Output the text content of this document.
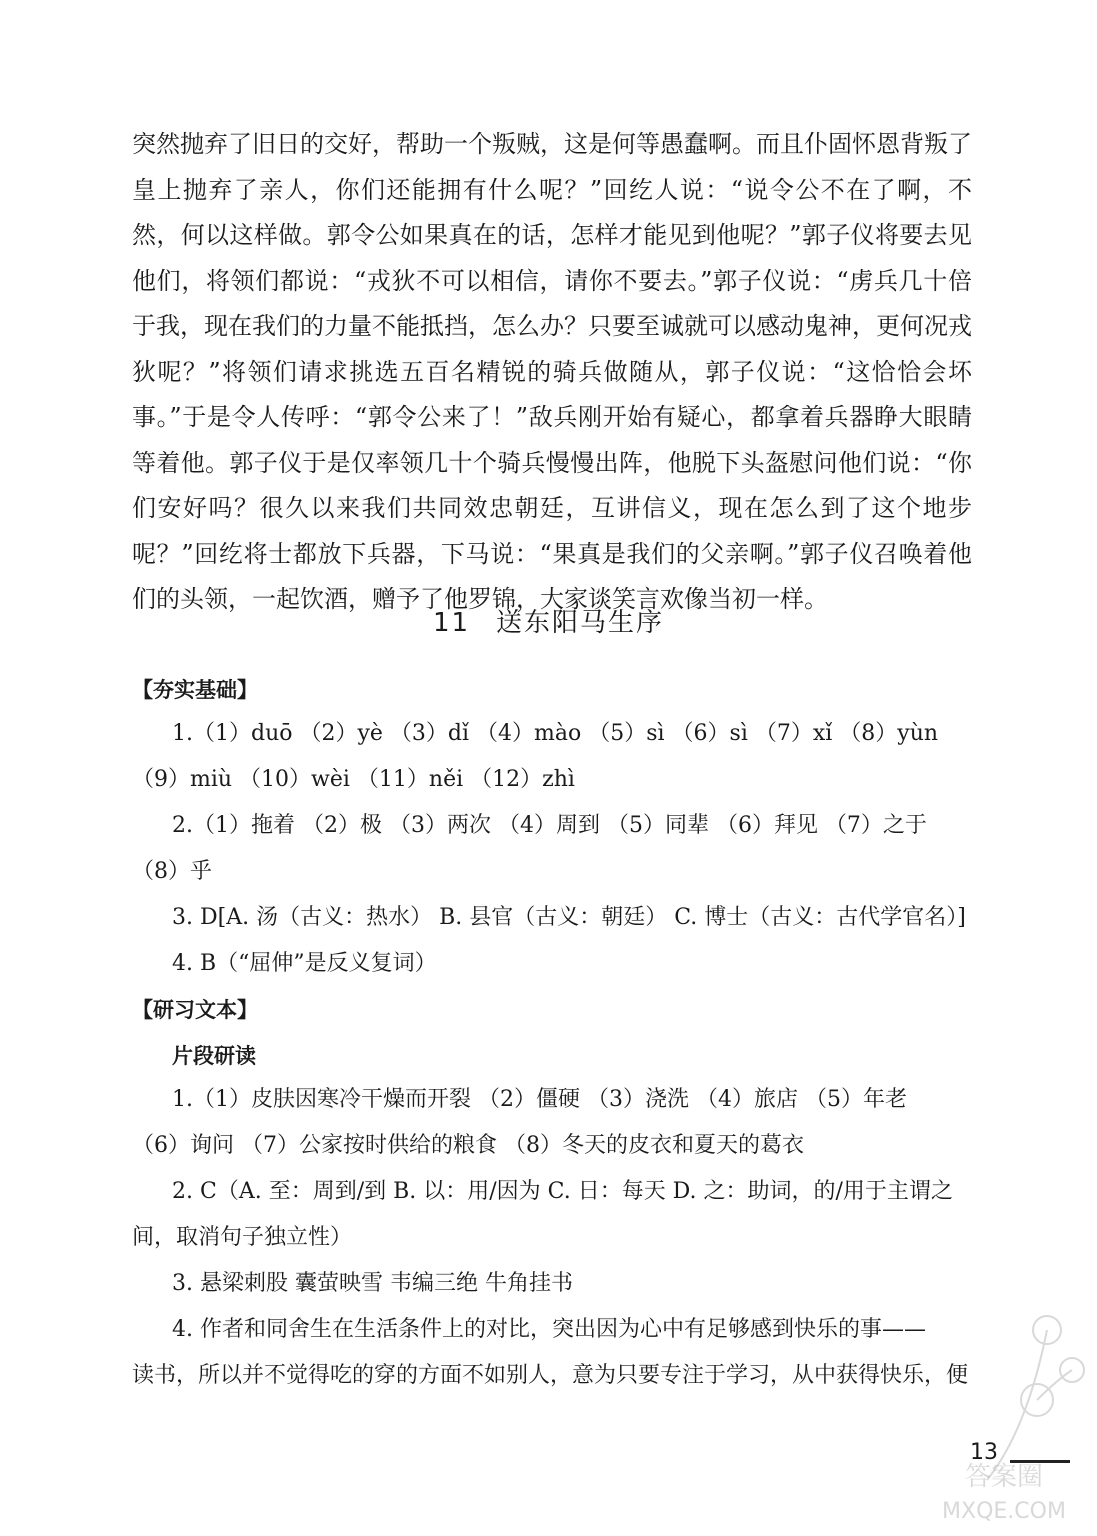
突然抛弃了旧日的交好，帮助一个叛贼，这是何等愚蠢啊。而且仆固怀恩背叛了皇上抛弃了亲人，你们还能拥有什么呢？”回纥人说：“说令公不在了啊，不然，何以这样做。郭令公如果真在的话，怎样才能见到他呢？”郭子仪将要去见他们，将领们都说：“戎狄不可以相信，请你不要去。”郭子仪说：“虏兵几十倍于我，现在我们的力量不能抵挡，怎么办？只要至诚就可以感动鬼神，更何况戎狄呢？”将领们请求挑选五百名精锐的骑兵做随从，郭子仪说：“这恰恰会坏事。”于是令人传呼：“郭令公来了！”敌兵刚开始有疑心，都拿着兵器睁大眼睛等着他。郭子仪于是仅率领几十个骑兵慢慢出阵，他脱下头盔慰问他们说：“你们安好吗？很久以来我们共同效忠朝廷，互讲信义，现在怎么到了这个地步呢？”回纥将士都放下兵器，下马说：“果真是我们的父亲啊。”郭子仪召唤着他们的头领，一起饮酒，赠予了他罗锦，大家谈笑言欢像当初一样。
11 送东阳马生序
【夯实基础】
1.（1）duō （2）yè （3）dǐ （4）mào （5）sì （6）sì （7）xǐ （8）yùn
（9）miù （10）wèi （11）něi （12）zhì
2.（1）拖着 （2）极 （3）两次 （4）周到 （5）同辈 （6）拜见 （7）之于
（8）乎
3. D[A. 汤（古义：热水） B. 县官（古义：朝廷） C. 博士（古义：古代学官名）]
4. B（“屈伸”是反义复词）
【研习文本】
片段研读
1.（1）皮肤因寒冷干燥而开裂 （2）僵硬 （3）浇洗 （4）旅店 （5）年老
（6）询问 （7）公家按时供给的粮食 （8）冬天的皮衣和夏天的葛衣
2. C（A. 至：周到/到 B. 以：用/因为 C. 日：每天 D. 之：助词，的/用于主谓之
间，取消句子独立性）
3. 悬梁刺股 囊萤映雪 韦编三绝 牛角挂书
4. 作者和同舍生在生活条件上的对比，突出因为心中有足够感到快乐的事——
读书，所以并不觉得吃的穿的方面不如别人，意为只要专注于学习，从中获得快乐，便
13
答案圈
MXQE.COM
